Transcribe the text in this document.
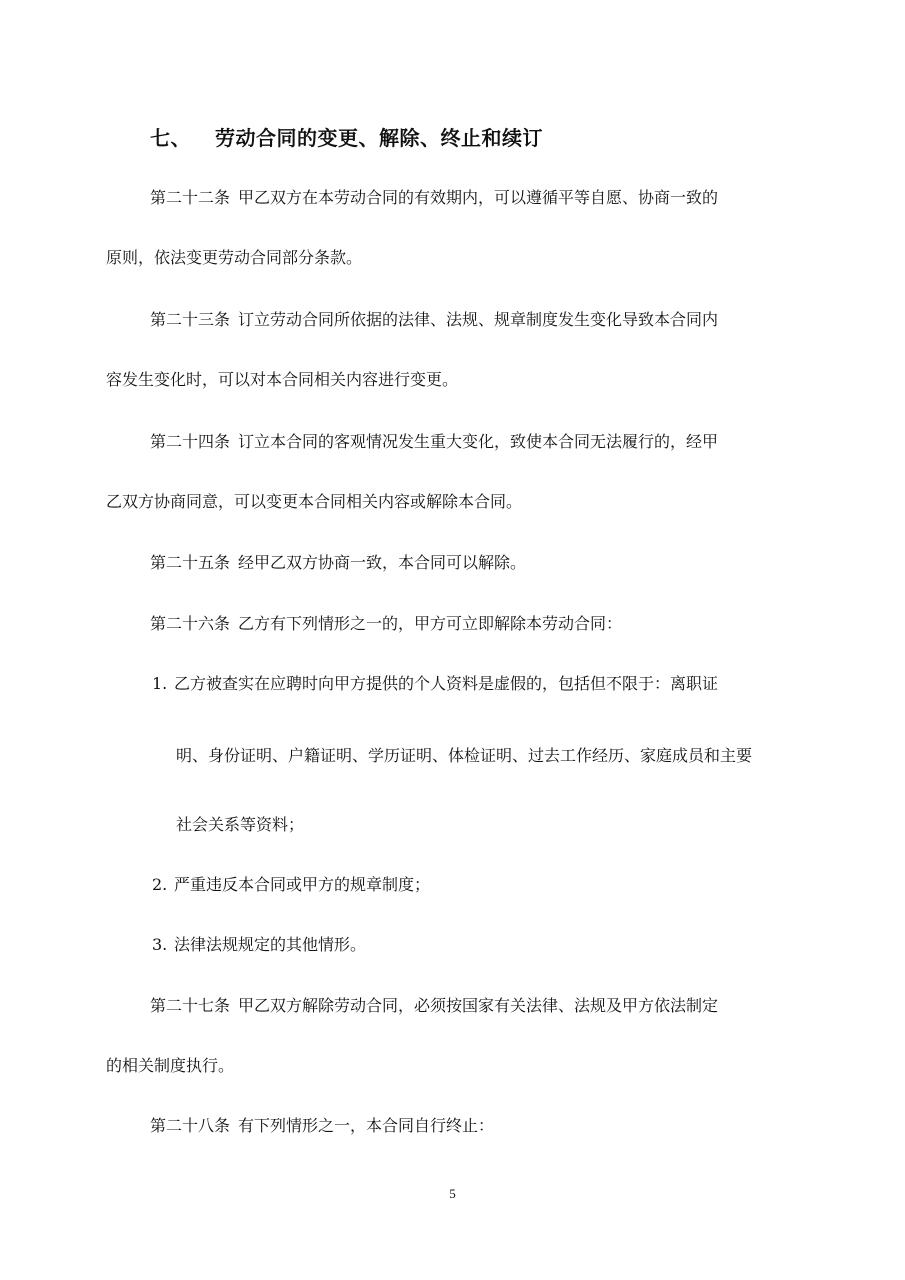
七、 劳动合同的变更、解除、终止和续订
第二十二条 甲乙双方在本劳动合同的有效期内，可以遵循平等自愿、协商一致的
原则，依法变更劳动合同部分条款。
第二十三条 订立劳动合同所依据的法律、法规、规章制度发生变化导致本合同内
容发生变化时，可以对本合同相关内容进行变更。
第二十四条 订立本合同的客观情况发生重大变化，致使本合同无法履行的，经甲
乙双方协商同意，可以变更本合同相关内容或解除本合同。
第二十五条 经甲乙双方协商一致，本合同可以解除。
第二十六条 乙方有下列情形之一的，甲方可立即解除本劳动合同：
1. 乙方被查实在应聘时向甲方提供的个人资料是虚假的，包括但不限于：离职证
明、身份证明、户籍证明、学历证明、体检证明、过去工作经历、家庭成员和主要
社会关系等资料；
2. 严重违反本合同或甲方的规章制度；
3. 法律法规规定的其他情形。
第二十七条 甲乙双方解除劳动合同，必须按国家有关法律、法规及甲方依法制定
的相关制度执行。
第二十八条 有下列情形之一，本合同自行终止：
5
